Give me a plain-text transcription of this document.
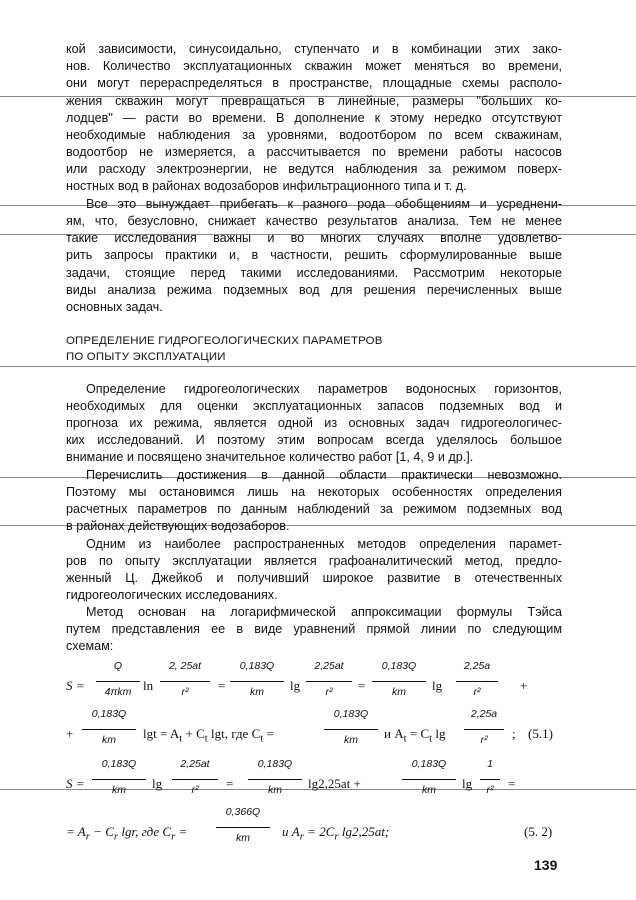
кой зависимости, синусоидально, ступенчато и в комбинации этих зако-
нов. Количество эксплуатационных скважин может меняться во времени,
они могут перераспределяться в пространстве, площадные схемы располо-
жения скважин могут превращаться в линейные, размеры "больших ко-
лодцев" — расти во времени. В дополнение к этому нередко отсутствуют
необходимые наблюдения за уровнями, водоотбором по всем скважинам,
водоотбор не измеряется, а рассчитывается по времени работы насосов
или расходу электроэнергии, не ведутся наблюдения за режимом поверх-
ностных вод в районах водозаборов инфильтрационного типа и т. д.
Все это вынуждает прибегать к разного рода обобщениям и усреднени-
ям, что, безусловно, снижает качество результатов анализа. Тем не менее
такие исследования важны и во многих случаях вполне удовлетво-
рить запросы практики и, в частности, решить сформулированные выше
задачи, стоящие перед такими исследованиями. Рассмотрим некоторые
виды анализа режима подземных вод для решения перечисленных выше
основных задач.
ОПРЕДЕЛЕНИЕ ГИДРОГЕОЛОГИЧЕСКИХ ПАРАМЕТРОВ
ПО ОПЫТУ ЭКСПЛУАТАЦИИ
Определение гидрогеологических параметров водоносных горизонтов,
необходимых для оценки эксплуатационных запасов подземных вод и
прогноза их режима, является одной из основных задач гидрогеологичес-
ких исследований. И поэтому этим вопросам всегда уделялось большое
внимание и посвящено значительное количество работ [1, 4, 9 и др.].
Перечислить достижения в данной области практически невозможно.
Поэтому мы остановимся лишь на некоторых особенностях определения
расчетных параметров по данным наблюдений за режимом подземных вод
в районах действующих водозаборов.
Одним из наиболее распространенных методов определения парамет-
ров по опыту эксплуатации является графоаналитический метод, предло-
женный Ц. Джейкоб и получивший широкое развитие в отечественных
гидрогеологических исследованиях.
Метод основан на логарифмической аппроксимации формулы Тэйса
путем представления ее в виде уравнений прямой линии по следующим
схемам:
S =
Q
4πkm ln
2, 25at
r²	=
0,183Q
km	lg
2,25at
r²	=
0,183Q
km	lg
2,25a
r²	+
+
0,183Q
km	$\lg t = A_t + C_t$ lgt, где $C_t$ =
0,183Q
km	и $A_t = C_t$ lg
2,25a
r²	; (5.1)
S =
0,183Q
km	lg
2,25at
r²	=
0,183Q
km	lg2,25at +
0,183Q
km	lg
1
r²	=
= $A_r - C_r$ lgr, где $C_r$ =
0,366Q
km	и $A_r = 2C_r$ lg2,25at;	(5. 2)
139
